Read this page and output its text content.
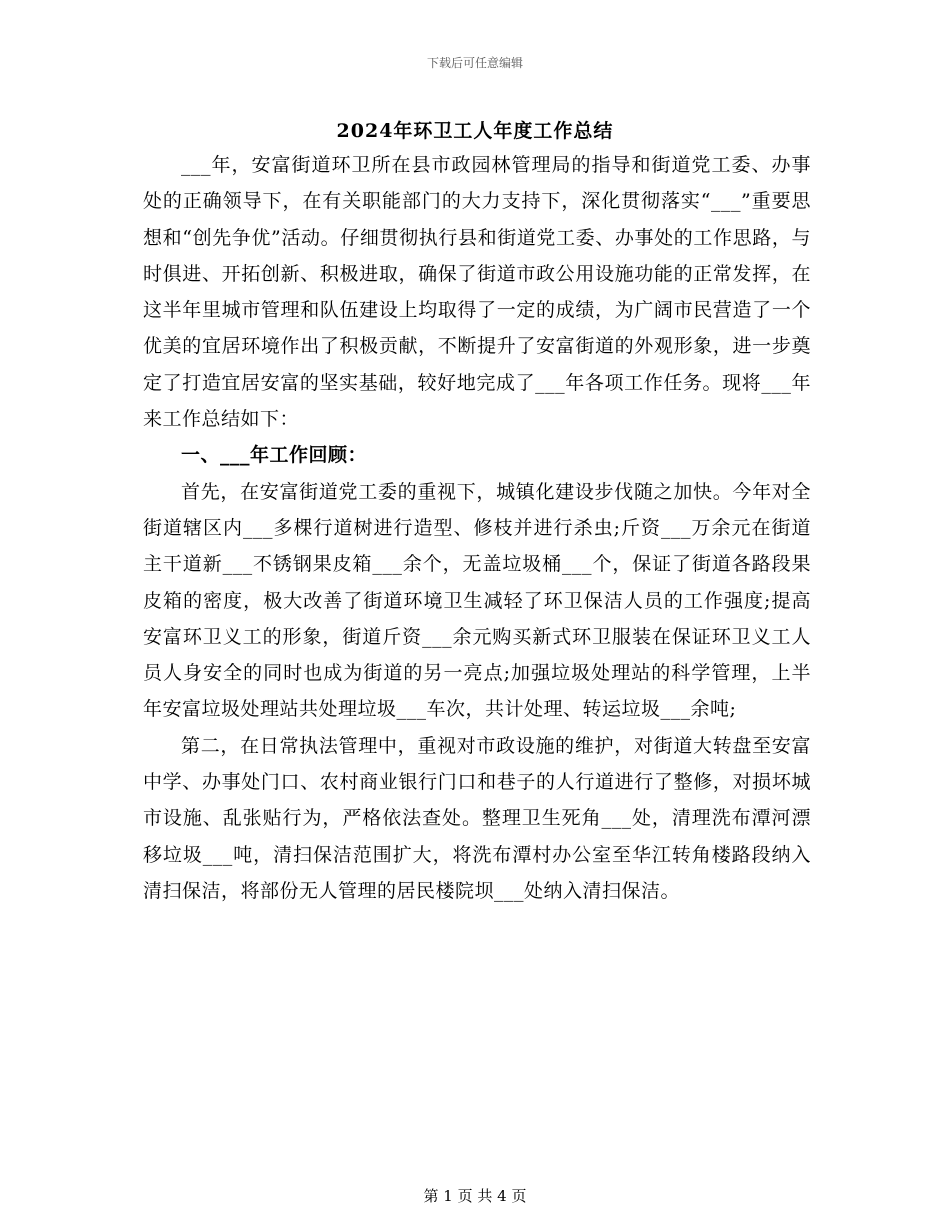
下载后可任意编辑
2024年环卫工人年度工作总结

___年，安富街道环卫所在县市政园林管理局的指导和街道党工委、办事处的正确领导下，在有关职能部门的大力支持下，深化贯彻落实“___”重要思想和“创先争优”活动。仔细贯彻执行县和街道党工委、办事处的工作思路，与时俱进、开拓创新、积极进取，确保了街道市政公用设施功能的正常发挥，在这半年里城市管理和队伍建设上均取得了一定的成绩，为广阔市民营造了一个优美的宜居环境作出了积极贡献，不断提升了安富街道的外观形象，进一步奠定了打造宜居安富的坚实基础，较好地完成了___年各项工作任务。现将___年来工作总结如下：

一、___年工作回顾：

首先，在安富街道党工委的重视下，城镇化建设步伐随之加快。今年对全街道辖区内___多棵行道树进行造型、修枝并进行杀虫;斤资___万余元在街道主干道新___不锈钢果皮箱___余个，无盖垃圾桶___个，保证了街道各路段果皮箱的密度，极大改善了街道环境卫生减轻了环卫保洁人员的工作强度;提高安富环卫义工的形象，街道斤资___余元购买新式环卫服装在保证环卫义工人员人身安全的同时也成为街道的另一亮点;加强垃圾处理站的科学管理，上半年安富垃圾处理站共处理垃圾___车次，共计处理、转运垃圾___余吨;

第二，在日常执法管理中，重视对市政设施的维护，对街道大转盘至安富中学、办事处门口、农村商业银行门口和巷子的人行道进行了整修，对损坏城市设施、乱张贴行为，严格依法查处。整理卫生死角___处，清理洗布潭河漂移垃圾___吨，清扫保洁范围扩大，将洗布潭村办公室至华江转角楼路段纳入清扫保洁，将部份无人管理的居民楼院坝___处纳入清扫保洁。

第 1 页 共 4 页
